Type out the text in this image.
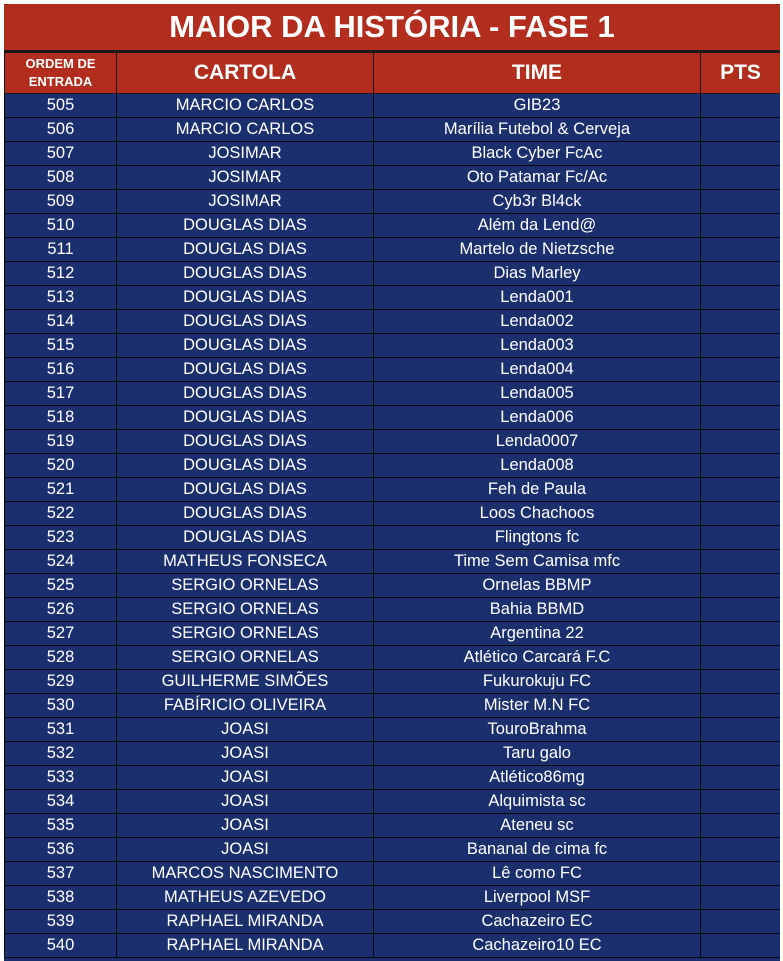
MAIOR DA HISTÓRIA - FASE 1
ORDEM DE ENTRADA	CARTOLA	TIME	PTS
505	MARCIO CARLOS	GIB23	
506	MARCIO CARLOS	Marília Futebol & Cerveja	
507	JOSIMAR	Black Cyber FcAc	
508	JOSIMAR	Oto Patamar Fc/Ac	
509	JOSIMAR	Cyb3r Bl4ck	
510	DOUGLAS DIAS	Além da Lend@	
511	DOUGLAS DIAS	Martelo de Nietzsche	
512	DOUGLAS DIAS	Dias Marley	
513	DOUGLAS DIAS	Lenda001	
514	DOUGLAS DIAS	Lenda002	
515	DOUGLAS DIAS	Lenda003	
516	DOUGLAS DIAS	Lenda004	
517	DOUGLAS DIAS	Lenda005	
518	DOUGLAS DIAS	Lenda006	
519	DOUGLAS DIAS	Lenda0007	
520	DOUGLAS DIAS	Lenda008	
521	DOUGLAS DIAS	Feh de Paula	
522	DOUGLAS DIAS	Loos Chachoos	
523	DOUGLAS DIAS	Flingtons fc	
524	MATHEUS FONSECA	Time Sem Camisa mfc	
525	SERGIO ORNELAS	Ornelas BBMP	
526	SERGIO ORNELAS	Bahia BBMD	
527	SERGIO ORNELAS	Argentina 22	
528	SERGIO ORNELAS	Atlético Carcará F.C	
529	GUILHERME SIMÕES	Fukurokuju FC	
530	FABÍRICIO OLIVEIRA	Mister M.N FC	
531	JOASI	TouroBrahma	
532	JOASI	Taru galo	
533	JOASI	Atlético86mg	
534	JOASI	Alquimista sc	
535	JOASI	Ateneu sc	
536	JOASI	Bananal de cima fc	
537	MARCOS NASCIMENTO	Lê como FC	
538	MATHEUS AZEVEDO	Liverpool MSF	
539	RAPHAEL MIRANDA	Cachazeiro EC	
540	RAPHAEL MIRANDA	Cachazeiro10 EC	
